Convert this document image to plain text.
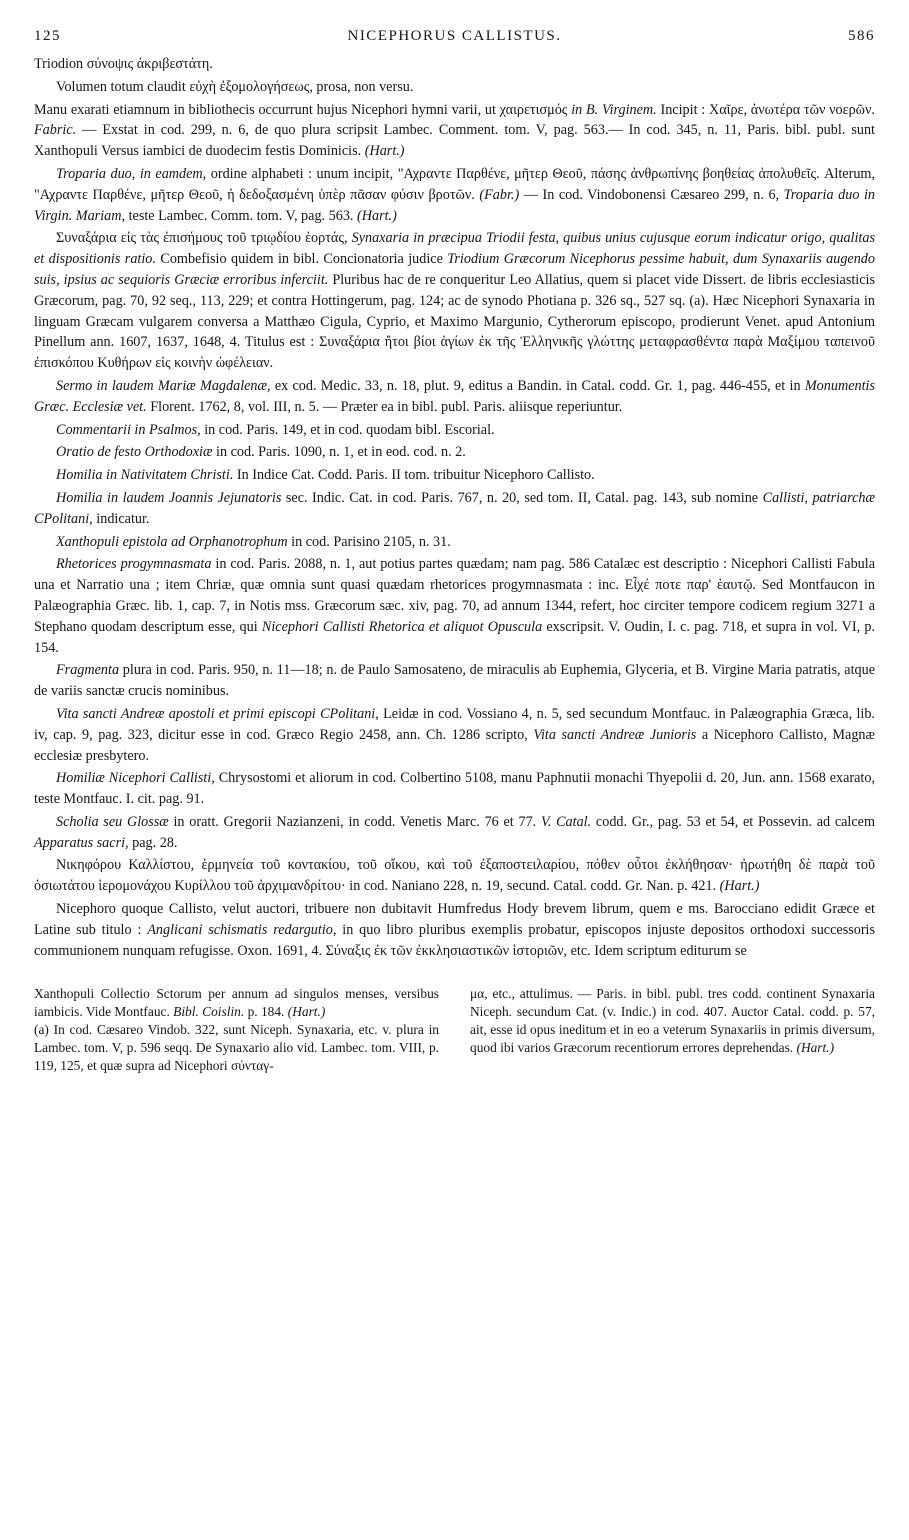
125	NICEPHORUS CALLISTUS.	586

Triodion σύνοψις ἀκριβεστάτη.

Volumen totum claudit εὐχὴ ἐξομολογήσεως, prosa, non versu.

Manu exarati etiamnum in bibliothecis occurrunt hujus Nicephori hymni varii, ut χαιρετισμός in B. Virginem. Incipit : Χαῖρε, ἀνωτέρα τῶν νοερῶν. Fabric. — Exstat in cod. 299, n. 6, de quo plura scripsit Lambec. Comment. tom. V, pag. 563.— In cod. 345, n. 11, Paris. bibl. publ. sunt Xanthopuli Versus iambici de duodecim festis Dominicis. (Hart.)

Troparia duo, in eamdem, ordine alphabeti : unum incipit, "Αχραντε Παρθένε, μῆτερ Θεοῦ, πάσης ἀνθρωπίνης βοηθείας ἀπολυθεῖς. Alterum, "Αχραντε Παρθένε, μῆτερ Θεοῦ, ἡ δεδοξασμένη ὑπὲρ πᾶσαν φύσιν βροτῶν. (Fabr.) — In cod. Vindobonensi Cæsareo 299, n. 6, Troparia duo in Virgin. Mariam, teste Lambec. Comm. tom. V, pag. 563. (Hart.)

Συναξάρια εἰς τὰς ἐπισήμους τοῦ τριῳδίου ἑορτάς, Synaxaria in præcipua Triodii festa, quibus unius cujusque eorum indicatur origo, qualitas et dispositionis ratio. Combefisio quidem in bibl. Concionatoria judice Triodium Græcorum Nicephorus pessime habuit, dum Synaxariis augendo suis, ipsius ac sequioris Græciæ erroribus inferciit. Pluribus hac de re conqueritur Leo Allatius, quem si placet vide Dissert. de libris ecclesiasticis Græcorum, pag. 70, 92 seq., 113, 229; et contra Hottingerum, pag. 124; ac de synodo Photiana p. 326 sq., 527 sq. (a). Hæc Nicephori Synaxaria in linguam Græcam vulgarem conversa a Matthæo Cigula, Cyprio, et Maximo Margunio, Cytherorum episcopo, prodierunt Venet. apud Antonium Pinellum ann. 1607, 1637, 1648, 4. Titulus est : Συναξάρια ἤτοι βίοι ἁγίων ἐκ τῆς Ἑλληνικῆς γλώττης μεταφρασθέντα παρὰ Μαξίμου ταπεινοῦ ἐπισκόπου Κυθήρων εἰς κοινὴν ὠφέλειαν.

Sermo in laudem Mariæ Magdalenæ, ex cod. Medic. 33, n. 18, plut. 9, editus a Bandin. in Catal. codd. Gr. 1, pag. 446-455, et in Monumentis Græc. Ecclesiæ vet. Florent. 1762, 8, vol. III, n. 5. — Præter ea in bibl. publ. Paris. aliisque reperiuntur.

Commentarii in Psalmos, in cod. Paris. 149, et in cod. quodam bibl. Escorial.

Oratio de festo Orthodoxiæ in cod. Paris. 1090, n. 1, et in eod. cod. n. 2.

Homilia in Nativitatem Christi. In Indice Cat. Codd. Paris. II tom. tribuitur Nicephoro Callisto.

Homilia in laudem Joannis Jejunatoris sec. Indic. Cat. in cod. Paris. 767, n. 20, sed tom. II, Catal. pag. 143, sub nomine Callisti, patriarchæ CPolitani, indicatur.

Xanthopuli epistola ad Orphanotrophum in cod. Parisino 2105, n. 31.

Rhetorices progymnasmata in cod. Paris. 2088, n. 1, aut potius partes quædam; nam pag. 586 Catalæc est descriptio : Nicephori Callisti Fabula una et Narratio una ; item Chriæ, quæ omnia sunt quasi quædam rhetorices progymnasmata : inc. Εἶχέ ποτε παρ' ἑαυτῷ. Sed Montfaucon in Palæographia Græc. lib. 1, cap. 7, in Notis mss. Græcorum sæc. xiv, pag. 70, ad annum 1344, refert, hoc circiter tempore codicem regium 3271 a Stephano quodam descriptum esse, qui Nicephori Callisti Rhetorica et aliquot Opuscula exscripsit. V. Oudin, I. c. pag. 718, et supra in vol. VI, p. 154.

Fragmenta plura in cod. Paris. 950, n. 11—18; n. de Paulo Samosateno, de miraculis ab Euphemia, Glyceria, et B. Virgine Maria patratis, atque de variis sanctæ crucis nominibus.

Vita sancti Andreæ apostoli et primi episcopi CPolitani, Leidæ in cod. Vossiano 4, n. 5, sed secundum Montfauc. in Palæographia Græca, lib. iv, cap. 9, pag. 323, dicitur esse in cod. Græco Regio 2458, ann. Ch. 1286 scripto, Vita sancti Andreæ Junioris a Nicephoro Callisto, Magnæ ecclesiæ presbytero.

Homiliæ Nicephori Callisti, Chrysostomi et aliorum in cod. Colbertino 5108, manu Paphnutii monachi Thyepolii d. 20, Jun. ann. 1568 exarato, teste Montfauc. I. cit. pag. 91.

Scholia seu Glossæ in oratt. Gregorii Nazianzeni, in codd. Venetis Marc. 76 et 77. V. Catal. codd. Gr., pag. 53 et 54, et Possevin. ad calcem Apparatus sacri, pag. 28.

Νικηφόρου Καλλίστου, ἑρμηνεία τοῦ κοντακίου, τοῦ οἴκου, καὶ τοῦ ἐξαποστειλαρίου, πόθεν οὗτοι ἐκλήθησαν· ἠρωτήθη δὲ παρὰ τοῦ ὁσιωτάτου ἱερομονάχου Κυρίλλου τοῦ ἀρχιμανδρίτου· in cod. Naniano 228, n. 19, secund. Catal. codd. Gr. Nan. p. 421. (Hart.)

Nicephoro quoque Callisto, velut auctori, tribuere non dubitavit Humfredus Hody brevem librum, quem e ms. Barocciano edidit Græce et Latine sub titulo : Anglicani schismatis redargutio, in quo libro pluribus exemplis probatur, episcopos injuste depositos orthodoxi successoris communionem nunquam refugisse. Oxon. 1691, 4. Σύναξις ἐκ τῶν ἐκκλησιαστικῶν ἱστοριῶν, etc. Idem scriptum editurum se

Xanthopuli Collectio Sctorum per annum ad singulos menses, versibus iambicis. Vide Montfauc. Bibl. Coislin. p. 184. (Hart.)

(a) In cod. Cæsareo Vindob. 322, sunt Niceph. Synaxaria, etc. v. plura in Lambec. tom. V, p. 596 seqq. De Synaxario alio vid. Lambec. tom. VIII, p. 119, 125, et quæ supra ad Nicephori σύνταγ-

μα, etc., attulimus. — Paris. in bibl. publ. tres codd. continent Synaxaria Niceph. secundum Cat. (v. Indic.) in cod. 407. Auctor Catal. codd. p. 57, ait, esse id opus ineditum et in eo a veterum Synaxariis in primis diversum, quod ibi varios Græcorum recentiorum errores deprehendas. (Hart.)
